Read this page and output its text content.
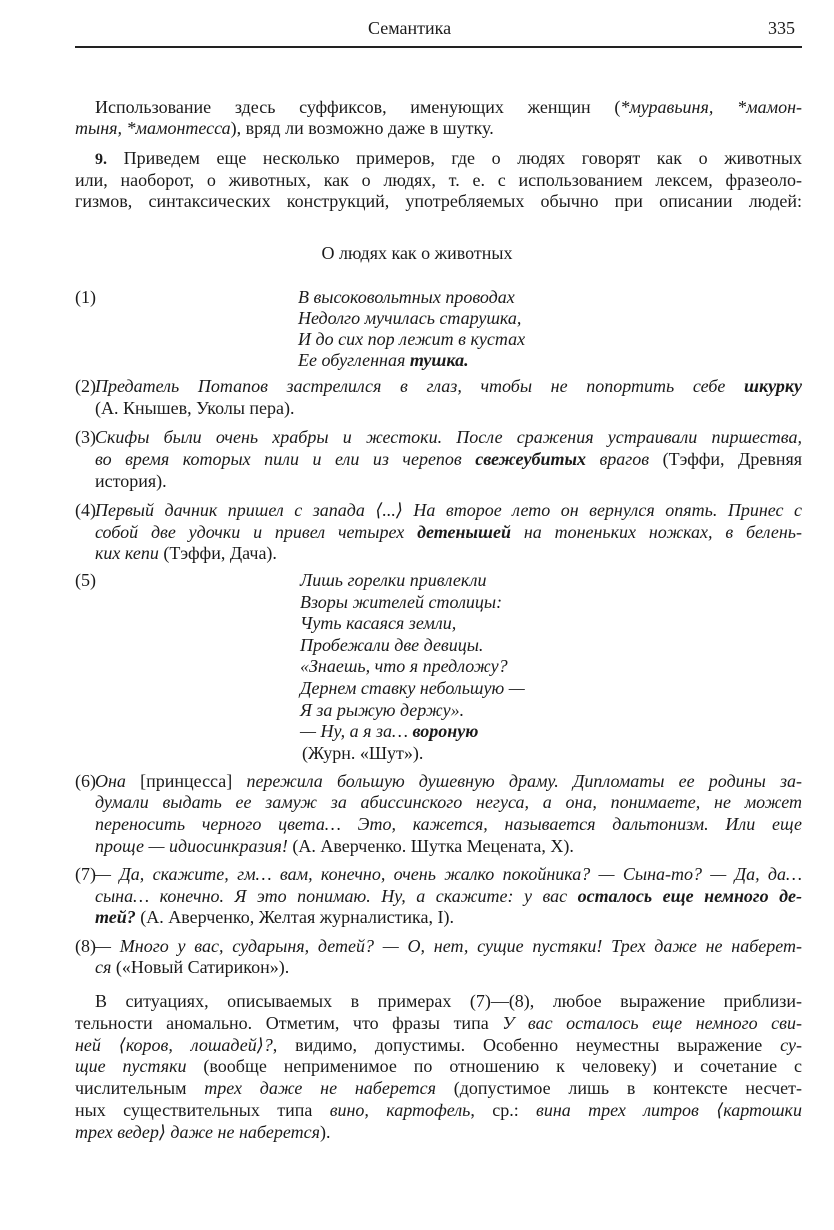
Семантика	335
Использование здесь суффиксов, именующих женщин (*муравьиня, *мамон-
тыня, *мамонтесса), вряд ли возможно даже в шутку.
9. Приведем еще несколько примеров, где о людях говорят как о животных
или, наоборот, о животных, как о людях, т. е. с использованием лексем, фразеоло-
гизмов, синтаксических конструкций, употребляемых обычно при описании людей:
О людях как о животных
(1)	В высоковольтных проводах
Недолго мучилась старушка,
И до сих пор лежит в кустах
Ее обугленная тушка.
(2) Предатель Потапов застрелился в глаз, чтобы не попортить себе шкурку
(А. Кнышев, Уколы пера).
(3) Скифы были очень храбры и жестоки. После сражения устраивали пиршества,
во время которых пили и ели из черепов свежеубитых врагов (Тэффи, Древняя
история).
(4) Первый дачник пришел с запада ⟨...⟩ На второе лето он вернулся опять. Принес с
собой две удочки и привел четырех детенышей на тоненьких ножках, в белень-
ких кепи (Тэффи, Дача).
(5)	Лишь горелки привлекли
Взоры жителей столицы:
Чуть касаяся земли,
Пробежали две девицы.
«Знаешь, что я предложу?
Дернем ставку небольшую —
Я за рыжую держу».
— Ну, а я за… вороную
(Журн. «Шут»).
(6) Она [принцесса] пережила большую душевную драму. Дипломаты ее родины за-
думали выдать ее замуж за абиссинского негуса, а она, понимаете, не может
переносить черного цвета… Это, кажется, называется дальтонизм. Или еще
проще — идиосинкразия! (А. Аверченко. Шутка Мецената, X).
(7) — Да, скажите, гм… вам, конечно, очень жалко покойника? — Сына-то? — Да, да…
сына… конечно. Я это понимаю. Ну, а скажите: у вас осталось еще немного де-
тей? (А. Аверченко, Желтая журналистика, I).
(8) — Много у вас, сударыня, детей? — О, нет, сущие пустяки! Трех даже не наберет-
ся («Новый Сатирикон»).
В ситуациях, описываемых в примерах (7)—(8), любое выражение приблизи-
тельности аномально. Отметим, что фразы типа У вас осталось еще немного сви-
ней ⟨коров, лошадей⟩?, видимо, допустимы. Особенно неуместны выражение су-
щие пустяки (вообще неприменимое по отношению к человеку) и сочетание с
числительным трех даже не наберется (допустимое лишь в контексте несчет-
ных существительных типа вино, картофель, ср.: вина трех литров ⟨картошки
трех ведер⟩ даже не наберется).
